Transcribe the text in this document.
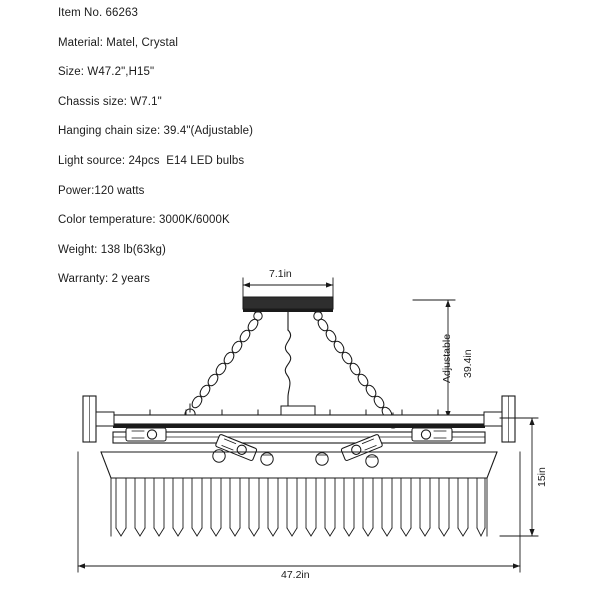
Item No. 66263

Material: Matel, Crystal

Size: W47.2",H15"

Chassis size: W7.1"

Hanging chain size: 39.4"(Adjustable)

Light source: 24pcs  E14 LED bulbs

Power:120 watts

Color temperature: 3000K/6000K

Weight: 138 lb(63kg)

Warranty: 2 years	7.1in
39.4in
Adjustable
15in
47.2in
